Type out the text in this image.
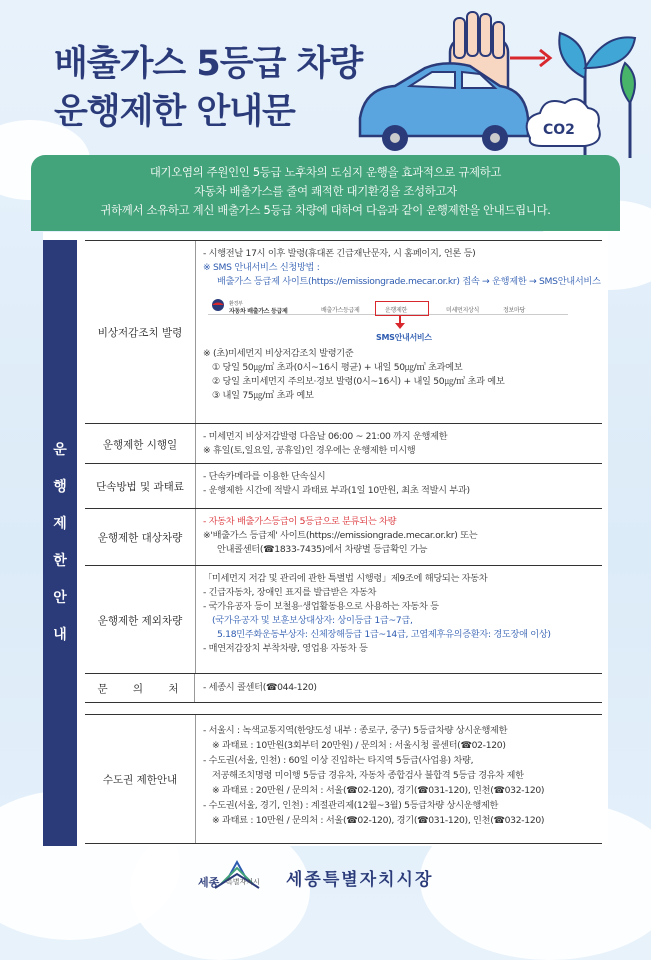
배출가스 5등급 차량
운행제한 안내문	CO2
대기오염의 주원인인 5등급 노후차의 도심지 운행을 효과적으로 규제하고
자동차 배출가스를 줄여 쾌적한 대기환경을 조성하고자
귀하께서 소유하고 계신 배출가스 5등급 차량에 대하여 다음과 같이 운행제한을 안내드립니다.
운
행
제
한
안
내
비상저감조치 발령
- 시행전날 17시 이후 발령(휴대폰 긴급재난문자, 시 홈페이지, 언론 등)
※ SMS 안내서비스 신청방법 :
배출가스 등급제 사이트(https://emissiongrade.mecar.or.kr) 접속 → 운행제한 → SMS안내서비스
환경부
자동차 배출가스 등급제	배출가스등급제	운행제한	미세먼지상식	정보마당
SMS안내서비스
※ (초)미세먼지 비상저감조치 발령기준
① 당일 50㎍/㎥ 초과(0시~16시 평균) + 내일 50㎍/㎥ 초과예보
② 당일 초미세먼지 주의보·경보 발령(0시~16시) + 내일 50㎍/㎥ 초과 예보
③ 내일 75㎍/㎥ 초과 예보
운행제한 시행일
- 미세먼지 비상저감발령 다음날 06:00 ~ 21:00 까지 운행제한
※ 휴일(토,일요일, 공휴일)인 경우에는 운행제한 미시행
단속방법 및 과태료
- 단속카메라를 이용한 단속실시
- 운행제한 시간에 적발시 과태료 부과(1일 10만원, 최초 적발시 부과)
운행제한 대상차량
- 자동차 배출가스등급이 5등급으로 분류되는 차량
※'배출가스 등급제' 사이트(https://emissiongrade.mecar.or.kr) 또는
안내콜센터(☎1833-7435)에서 차량별 등급확인 가능
운행제한 제외차량
「미세먼지 저감 및 관리에 관한 특별법 시행령」제9조에 해당되는 자동차
- 긴급자동차, 장애인 표지를 발급받은 자동차
- 국가유공자 등이 보철용·생업활동용으로 사용하는 자동차 등
(국가유공자 및 보훈보상대상자: 상이등급 1급~7급,
5.18민주화운동부상자: 신체장해등급 1급~14급, 고엽제후유의증환자: 경도장애 이상)
- 매연저감장치 부착차량, 영업용 자동차 등
문 의 처	- 세종시 콜센터(☎044-120)
수도권 제한안내
- 서울시 : 녹색교통지역(한양도성 내부 : 종로구, 중구) 5등급차량 상시운행제한
※ 과태료 : 10만원(3회부터 20만원) / 문의처 : 서울시청 콜센터(☎02-120)
- 수도권(서울, 인천) : 60일 이상 진입하는 타지역 5등급(사업용) 차량,
저공해조치명령 미이행 5등급 경유차, 자동차 종합검사 불합격 5등급 경유차 제한
※ 과태료 : 20만원 / 문의처 : 서울(☎02-120), 경기(☎031-120), 인천(☎032-120)
- 수도권(서울, 경기, 인천) : 계절관리제(12월~3월) 5등급차량 상시운행제한
※ 과태료 : 10만원 / 문의처 : 서울(☎02-120), 경기(☎031-120), 인천(☎032-120)
세종 특별자치시 세종특별자치시장
